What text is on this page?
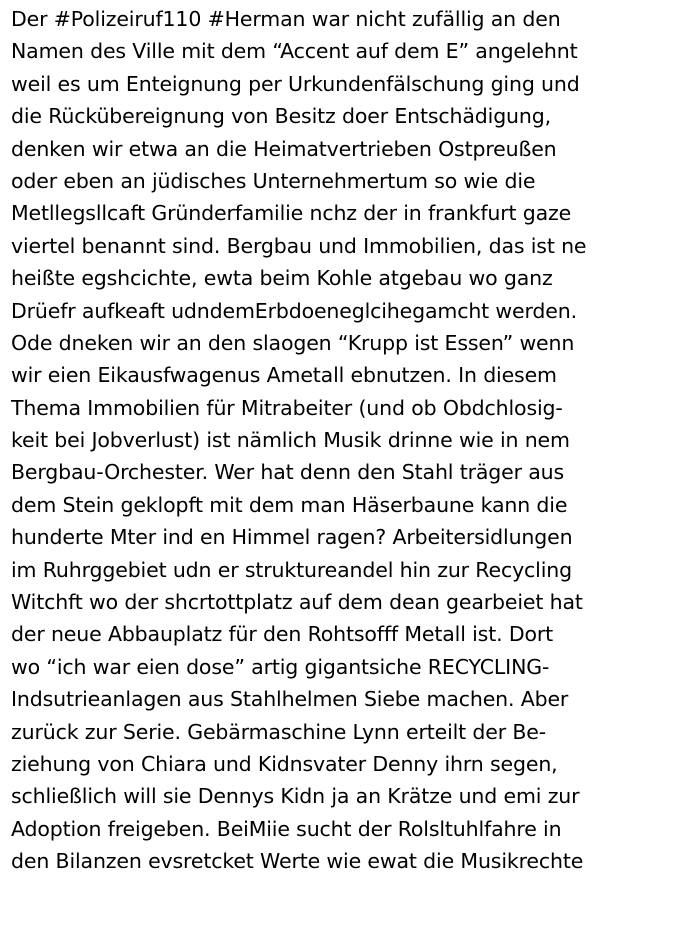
Der #Polizeiruf110 #Herman war nicht zufällig an den
Namen des Ville mit dem “Accent auf dem E” angelehnt
weil es um Enteignung per Urkundenfälschung ging und
die Rückübereignung von Besitz doer Entschädigung,
denken wir etwa an die Heimatvertrieben Ostpreußen
oder eben an jüdisches Unternehmertum so wie die
Metllegsllcaft Gründerfamilie nchz der in frankfurt gaze
viertel benannt sind. Bergbau und Immobilien, das ist ne
heißte egshcichte, ewta beim Kohle atgebau wo ganz
Drüefr aufkeaft udndemErbdoeneglcihegamcht werden.
Ode dneken wir an den slaogen “Krupp ist Essen” wenn
wir eien Eikausfwagenus Ametall ebnutzen. In diesem
Thema Immobilien für Mitrabeiter (und ob Obdchlosig-
keit bei Jobverlust) ist nämlich Musik drinne wie in nem
Bergbau-Orchester. Wer hat denn den Stahl träger aus
dem Stein geklopft mit dem man Häserbaune kann die
hunderte Mter ind en Himmel ragen? Arbeitersidlungen
im Ruhrggebiet udn er struktureandel hin zur Recycling
Witchft wo der shcrtottplatz auf dem dean gearbeiet hat
der neue Abbauplatz für den Rohtsofff Metall ist. Dort
wo “ich war eien dose” artig gigantsiche RECYCLING-
Indsutrieanlagen aus Stahlhelmen Siebe machen. Aber
zurück zur Serie. Gebärmaschine Lynn erteilt der Be-
ziehung von Chiara und Kidnsvater Denny ihrn segen,
schließlich will sie Dennys Kidn ja an Krätze und emi zur
Adoption freigeben. BeiMiie sucht der Rolsltuhlfahre in
den Bilanzen evsretcket Werte wie ewat die Musikrechte
